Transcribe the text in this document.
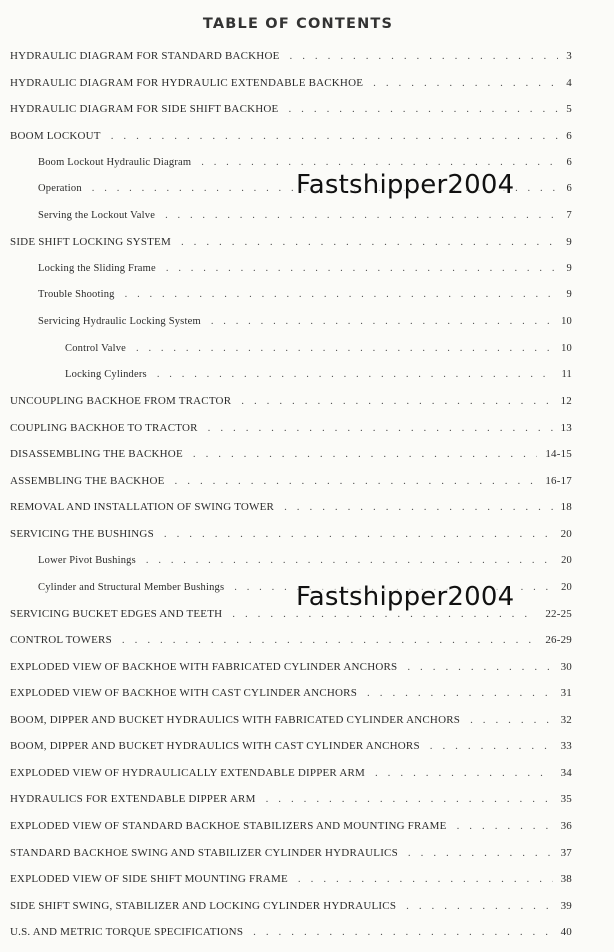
TABLE OF CONTENTS
HYDRAULIC DIAGRAM FOR STANDARD BACKHOE . . .	3
HYDRAULIC DIAGRAM FOR HYDRAULIC EXTENDABLE BACKHOE . . .	4
HYDRAULIC DIAGRAM FOR SIDE SHIFT BACKHOE . . .	5
BOOM LOCKOUT . . .	6
Boom Lockout Hydraulic Diagram . . .	6
Operation . . .	6
Serving the Lockout Valve . . .	7
SIDE SHIFT LOCKING SYSTEM . . .	9
Locking the Sliding Frame . . .	9
Trouble Shooting . . .	9
Servicing Hydraulic Locking System . . .	10
Control Valve . . .	10
Locking Cylinders . . .	11
UNCOUPLING BACKHOE FROM TRACTOR . . .	12
COUPLING BACKHOE TO TRACTOR . . .	13
DISASSEMBLING THE BACKHOE . . .	14-15
ASSEMBLING THE BACKHOE . . .	16-17
REMOVAL AND INSTALLATION OF SWING TOWER . . .	18
SERVICING THE BUSHINGS . . .	20
Lower Pivot Bushings . . .	20
Cylinder and Structural Member Bushings . . .	20
SERVICING BUCKET EDGES AND TEETH . . .	22-25
CONTROL TOWERS . . .	26-29
EXPLODED VIEW OF BACKHOE WITH FABRICATED CYLINDER ANCHORS . . .	30
EXPLODED VIEW OF BACKHOE WITH CAST CYLINDER ANCHORS . . .	31
BOOM, DIPPER AND BUCKET HYDRAULICS WITH FABRICATED CYLINDER ANCHORS . . .	32
BOOM, DIPPER AND BUCKET HYDRAULICS WITH CAST CYLINDER ANCHORS . . .	33
EXPLODED VIEW OF HYDRAULICALLY EXTENDABLE DIPPER ARM . . .	34
HYDRAULICS FOR EXTENDABLE DIPPER ARM . . .	35
EXPLODED VIEW OF STANDARD BACKHOE STABILIZERS AND MOUNTING FRAME . . .	36
STANDARD BACKHOE SWING AND STABILIZER CYLINDER HYDRAULICS . . .	37
EXPLODED VIEW OF SIDE SHIFT MOUNTING FRAME . . .	38
SIDE SHIFT SWING, STABILIZER AND LOCKING CYLINDER HYDRAULICS . . .	39
U.S. AND METRIC TORQUE SPECIFICATIONS . . .	40
Fastshipper2004
Fastshipper2004
